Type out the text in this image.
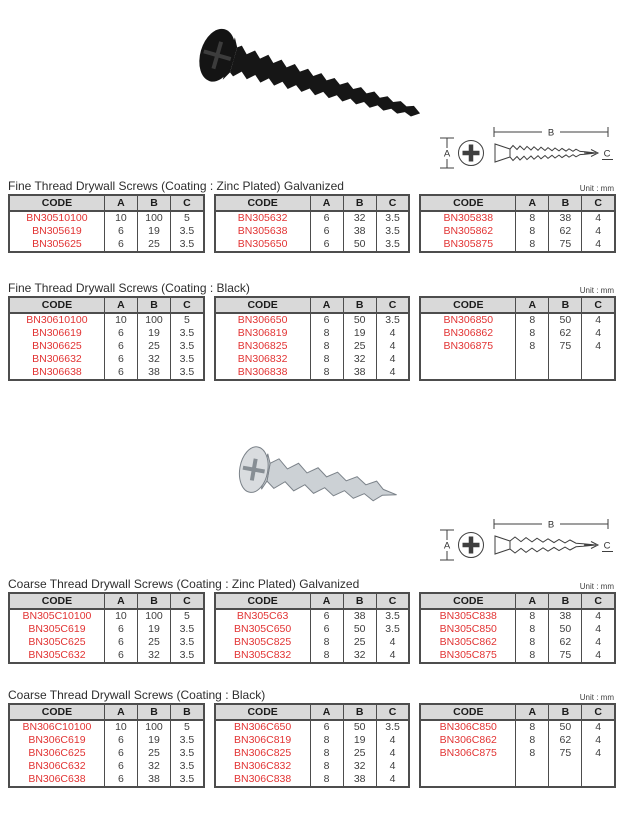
A
B
C
Fine Thread Drywall Screws (Coating : Zinc Plated) Galvanized	Unit : mm
CODE	A	B	C
BN30510100	10	100	5
BN305619	6	19	3.5
BN305625	6	25	3.5
CODE	A	B	C
BN305632	6	32	3.5
BN305638	6	38	3.5
BN305650	6	50	3.5
CODE	A	B	C
BN305838	8	38	4
BN305862	8	62	4
BN305875	8	75	4
Fine Thread Drywall Screws (Coating : Black)	Unit : mm
CODE	A	B	C
BN30610100	10	100	5
BN306619	6	19	3.5
BN306625	6	25	3.5
BN306632	6	32	3.5
BN306638	6	38	3.5
CODE	A	B	C
BN306650	6	50	3.5
BN306819	8	19	4
BN306825	8	25	4
BN306832	8	32	4
BN306838	8	38	4
CODE	A	B	C
BN306850	8	50	4
BN306862	8	62	4
BN306875	8	75	4

A
B
C
Coarse Thread Drywall Screws (Coating : Zinc Plated) Galvanized	Unit : mm
CODE	A	B	C
BN305C10100	10	100	5
BN305C619	6	19	3.5
BN305C625	6	25	3.5
BN305C632	6	32	3.5
CODE	A	B	C
BN305C63	6	38	3.5
BN305C650	6	50	3.5
BN305C825	8	25	4
BN305C832	8	32	4
CODE	A	B	C
BN305C838	8	38	4
BN305C850	8	50	4
BN305C862	8	62	4
BN305C875	8	75	4
Coarse Thread Drywall Screws (Coating : Black)	Unit : mm
CODE	A	B	B
BN306C10100	10	100	5
BN306C619	6	19	3.5
BN306C625	6	25	3.5
BN306C632	6	32	3.5
BN306C638	6	38	3.5
CODE	A	B	C
BN306C650	6	50	3.5
BN306C819	8	19	4
BN306C825	8	25	4
BN306C832	8	32	4
BN306C838	8	38	4
CODE	A	B	C
BN306C850	8	50	4
BN306C862	8	62	4
BN306C875	8	75	4
